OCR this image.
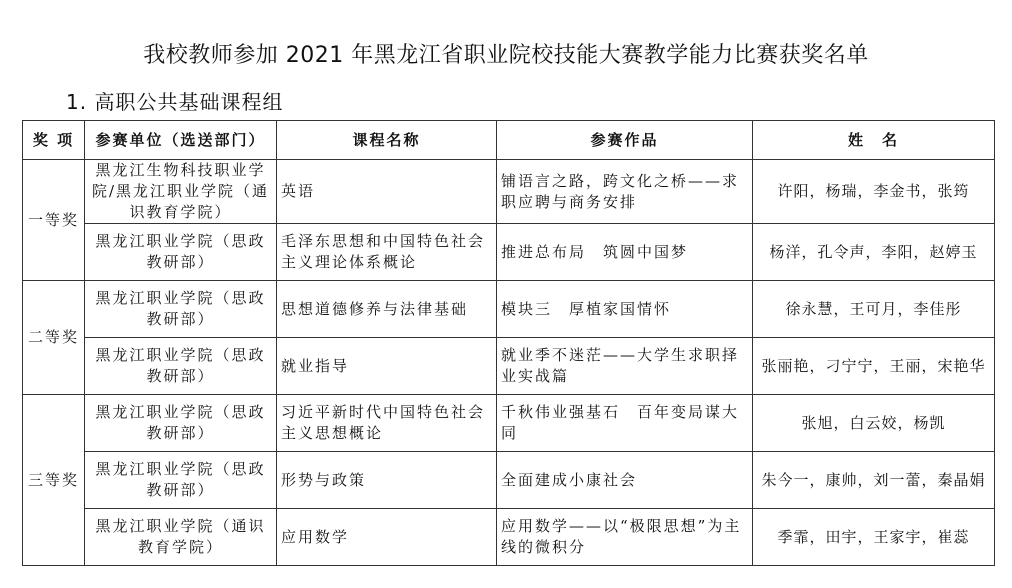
我校教师参加 2021 年黑龙江省职业院校技能大赛教学能力比赛获奖名单
1. 高职公共基础课程组
奖 项	参赛单位（选送部门）	课程名称	参赛作品	姓　名
一等奖	黑龙江生物科技职业学院/黑龙江职业学院（通识教育学院）	英语	铺语言之路，跨文化之桥——求职应聘与商务安排	许阳，杨瑞，李金书，张筠
	黑龙江职业学院（思政教研部）	毛泽东思想和中国特色社会主义理论体系概论	推进总布局　筑圆中国梦	杨洋，孔令声，李阳，赵婷玉
二等奖	黑龙江职业学院（思政教研部）	思想道德修养与法律基础	模块三　厚植家国情怀	徐永慧，王可月，李佳彤
	黑龙江职业学院（思政教研部）	就业指导	就业季不迷茫——大学生求职择业实战篇	张丽艳，刁宁宁，王丽，宋艳华
三等奖	黑龙江职业学院（思政教研部）	习近平新时代中国特色社会主义思想概论	千秋伟业强基石　百年变局谋大同	张旭，白云姣，杨凯
	黑龙江职业学院（思政教研部）	形势与政策	全面建成小康社会	朱今一，康帅，刘一蕾，秦晶娟
	黑龙江职业学院（通识教育学院）	应用数学	应用数学——以“极限思想”为主线的微积分	季霏，田宇，王家宇，崔蕊
